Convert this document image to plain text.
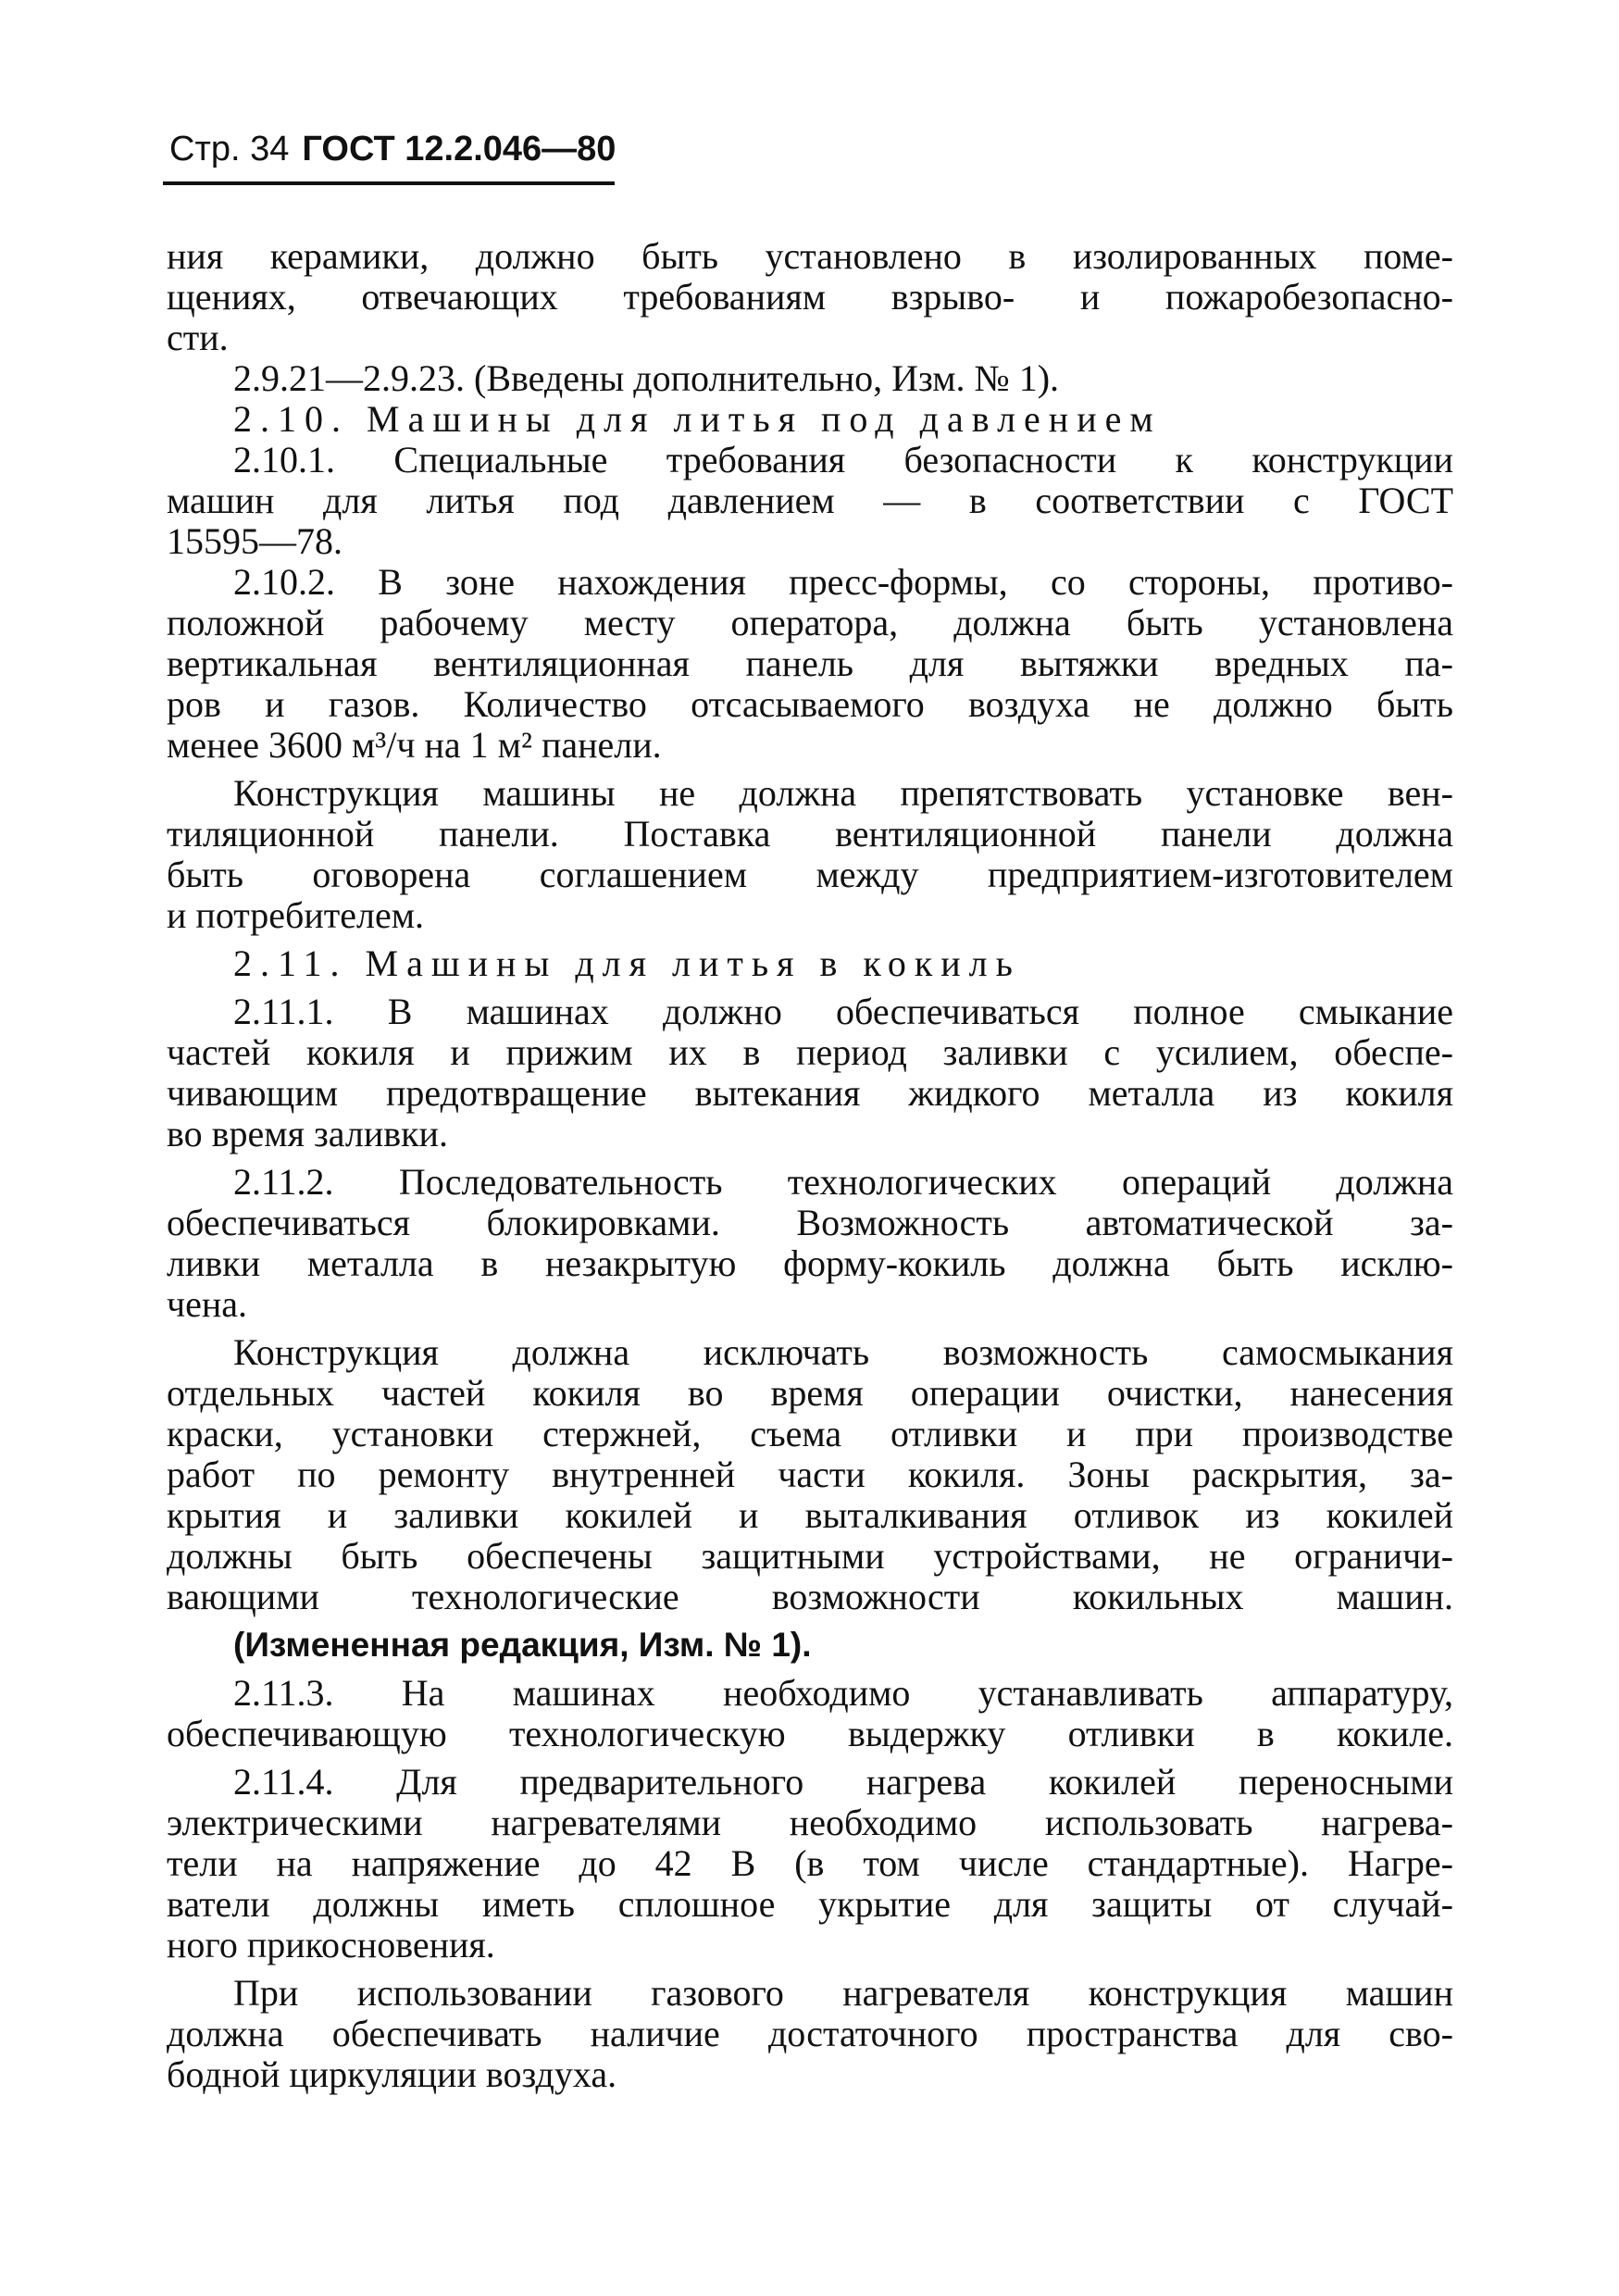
Стр. 34 ГОСТ 12.2.046—80
ния керамики, должно быть установлено в изолированных поме-
щениях, отвечающих требованиям взрыво- и пожаробезопасно-
сти.
2.9.21—2.9.23. (Введены дополнительно, Изм. № 1).
2.10. Машины для литья под давлением
2.10.1. Специальные требования безопасности к конструкции
машин для литья под давлением — в соответствии с ГОСТ
15595—78.
2.10.2. В зоне нахождения пресс-формы, со стороны, противо-
положной рабочему месту оператора, должна быть установлена
вертикальная вентиляционная панель для вытяжки вредных па-
ров и газов. Количество отсасываемого воздуха не должно быть
менее 3600 м³/ч на 1 м² панели.
Конструкция машины не должна препятствовать установке вен-
тиляционной панели. Поставка вентиляционной панели должна
быть оговорена соглашением между предприятием-изготовителем
и потребителем.
2.11. Машины для литья в кокиль
2.11.1. В машинах должно обеспечиваться полное смыкание
частей кокиля и прижим их в период заливки с усилием, обеспе-
чивающим предотвращение вытекания жидкого металла из кокиля
во время заливки.
2.11.2. Последовательность технологических операций должна
обеспечиваться блокировками. Возможность автоматической за-
ливки металла в незакрытую форму-кокиль должна быть исклю-
чена.
Конструкция должна исключать возможность самосмыкания
отдельных частей кокиля во время операции очистки, нанесения
краски, установки стержней, съема отливки и при производстве
работ по ремонту внутренней части кокиля. Зоны раскрытия, за-
крытия и заливки кокилей и выталкивания отливок из кокилей
должны быть обеспечены защитными устройствами, не ограничи-
вающими технологические возможности кокильных машин.
(Измененная редакция, Изм. № 1).
2.11.3. На машинах необходимо устанавливать аппаратуру,
обеспечивающую технологическую выдержку отливки в кокиле.
2.11.4. Для предварительного нагрева кокилей переносными
электрическими нагревателями необходимо использовать нагрева-
тели на напряжение до 42 В (в том числе стандартные). Нагре-
ватели должны иметь сплошное укрытие для защиты от случай-
ного прикосновения.
При использовании газового нагревателя конструкция машин
должна обеспечивать наличие достаточного пространства для сво-
бодной циркуляции воздуха.
